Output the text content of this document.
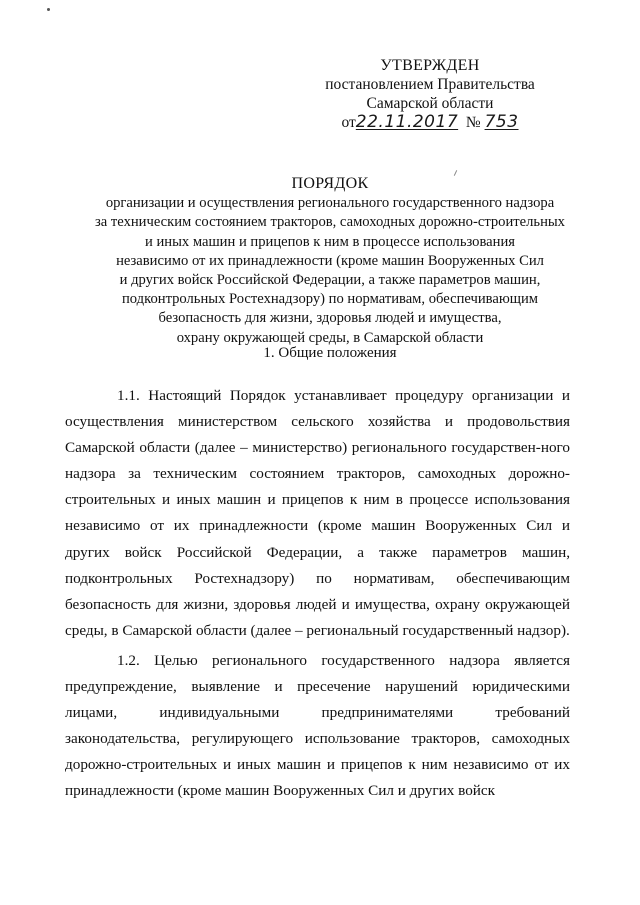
УТВЕРЖДЕН
постановлением Правительства
Самарской области
от22.11.2017 № 753
ПОРЯДОК
организации и осуществления регионального государственного надзора
за техническим состоянием тракторов, самоходных дорожно-строительных
и иных машин и прицепов к ним в процессе использования
независимо от их принадлежности (кроме машин Вооруженных Сил
и других войск Российской Федерации, а также параметров машин,
подконтрольных Ростехнадзору) по нормативам, обеспечивающим
безопасность для жизни, здоровья людей и имущества,
охрану окружающей среды, в Самарской области
1. Общие положения

1.1. Настоящий Порядок устанавливает процедуру организации и осуществления министерством сельского хозяйства и продовольствия Самарской области (далее – министерство) регионального государствен-ного надзора за техническим состоянием тракторов, самоходных дорожно-строительных и иных машин и прицепов к ним в процессе использования независимо от их принадлежности (кроме машин Вооруженных Сил и других войск Российской Федерации, а также параметров машин, подконтрольных Ростехнадзору) по нормативам, обеспечивающим безопасность для жизни, здоровья людей и имущества, охрану окружающей среды, в Самарской области (далее – региональный государственный надзор).

1.2. Целью регионального государственного надзора является предупреждение, выявление и пресечение нарушений юридическими лицами, индивидуальными предпринимателями требований законодательства, регулирующего использование тракторов, самоходных дорожно-строительных и иных машин и прицепов к ним независимо от их принадлежности (кроме машин Вооруженных Сил и других войск
